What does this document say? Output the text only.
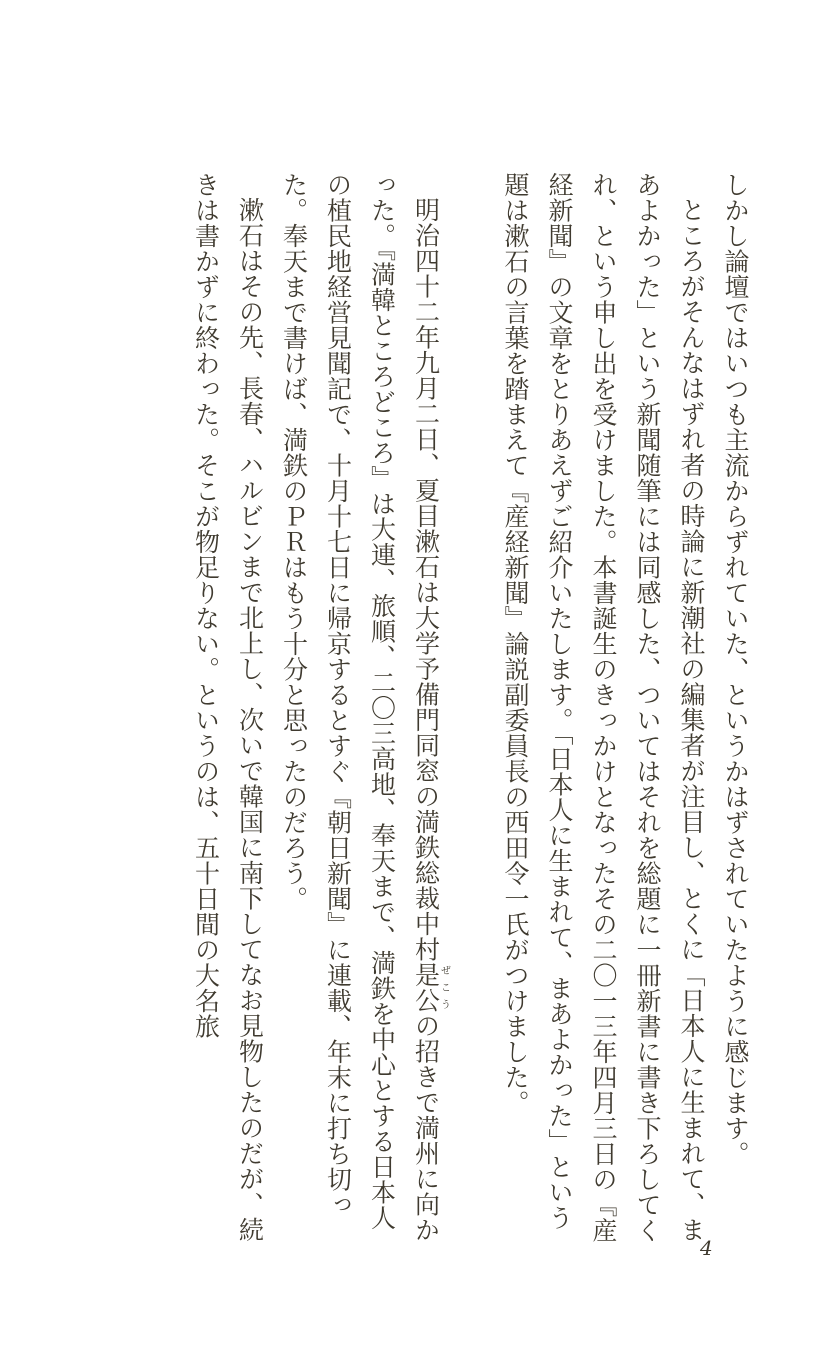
しかし論壇ではいつも主流からずれていた、というかはずされていたように感じます。

ところがそんなはずれ者の時論に新潮社の編集者が注目し、とくに「日本人に生まれて、まあよかった」という新聞随筆には同感した、ついてはそれを総題に一冊新書に書き下ろしてくれ、という申し出を受けました。本書誕生のきっかけとなったその二〇一三年四月三日の『産経新聞』の文章をとりあえずご紹介いたします。「日本人に生まれて、まあよかった」という題は漱石の言葉を踏まえて『産経新聞』論説副委員長の西田令一氏がつけました。

明治四十二年九月二日、夏目漱石は大学予備門同窓の満鉄総裁中村是公ぜこうの招きで満州に向かった。『満韓ところどころ』は大連、旅順、二〇三高地、奉天まで、満鉄を中心とする日本人の植民地経営見聞記で、十月十七日に帰京するとすぐ『朝日新聞』に連載、年末に打ち切った。奉天まで書けば、満鉄のＰＲはもう十分と思ったのだろう。

漱石はその先、長春、ハルビンまで北上し、次いで韓国に南下してなお見物したのだが、続きは書かずに終わった。そこが物足りない。というのは、五十日間の大名旅

4
